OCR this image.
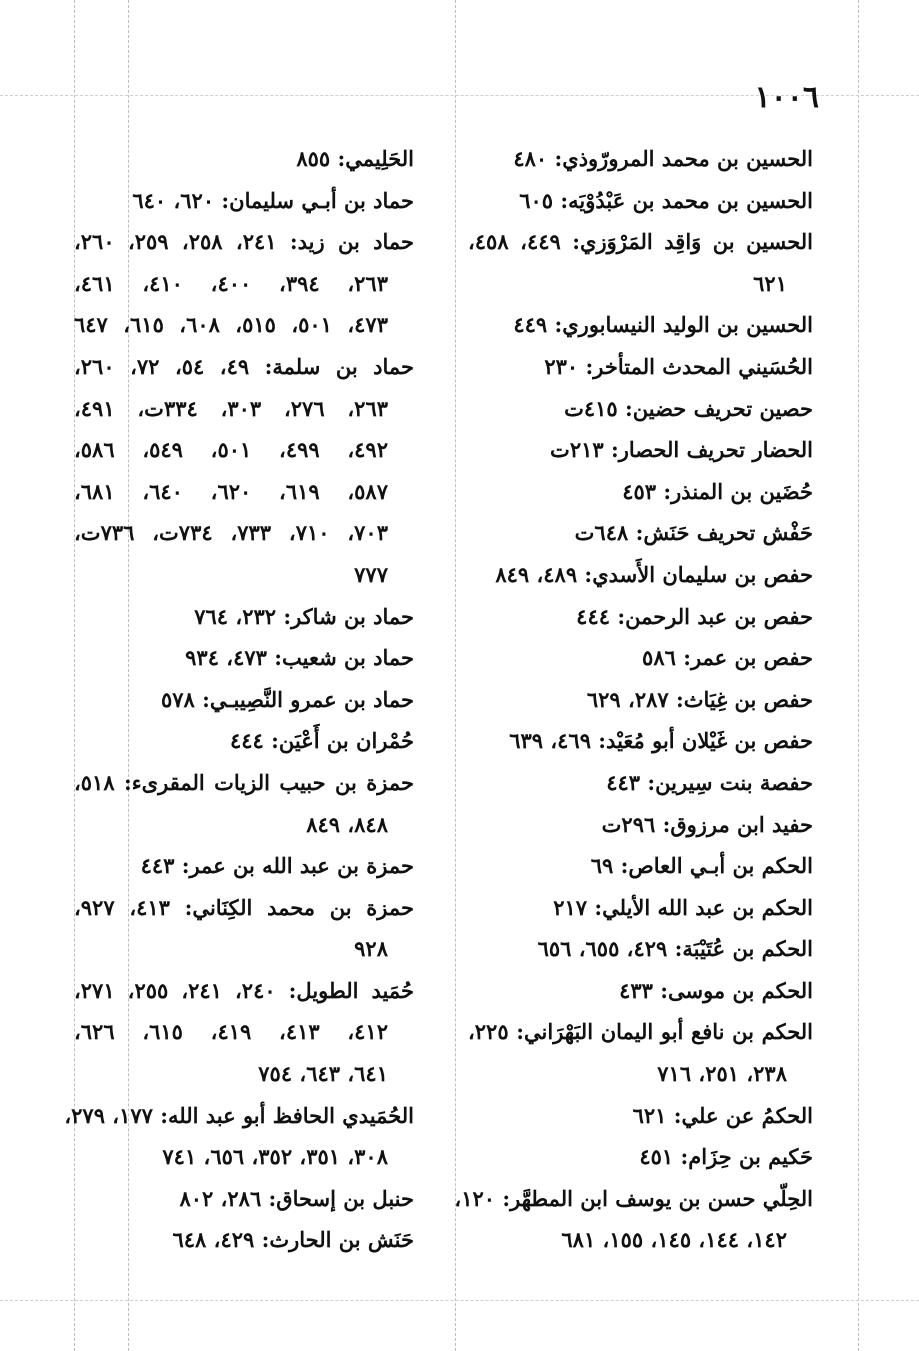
١٠٠٦
الحسين بن محمد المرورّوذي: ٤٨٠
الحسين بن محمد بن عَبْدُوْيَه: ٦٠٥
الحسين بن وَاقِد المَرْوَزي: ٤٤٩، ٤٥٨،
٦٢١
الحسين بن الوليد النيسابوري: ٤٤٩
الحُسَيني المحدث المتأخر: ٢٣٠
حصين تحريف حضين: ٤١٥ت
الحضار تحريف الحصار: ٢١٣ت
حُضَين بن المنذر: ٤٥٣
حَفْش تحريف حَنَش: ٦٤٨ت
حفص بن سليمان الأَسدي: ٤٨٩، ٨٤٩
حفص بن عبد الرحمن: ٤٤٤
حفص بن عمر: ٥٨٦
حفص بن غِيَاث: ٢٨٧، ٦٢٩
حفص بن غَيْلان أبو مُعَيْد: ٤٦٩، ٦٣٩
حفصة بنت سِيرين: ٤٤٣
حفيد ابن مرزوق: ٢٩٦ت
الحكم بن أبـي العاص: ٦٩
الحكم بن عبد الله الأيلي: ٢١٧
الحكم بن عُتَيْبَة: ٤٢٩، ٦٥٥، ٦٥٦
الحكم بن موسى: ٤٣٣
الحكم بن نافع أبو اليمان البَهْرَاني: ٢٢٥،
٢٣٨، ٢٥١، ٧١٦
الحكمُ عن علي: ٦٢١
حَكيم بن حِزَام: ٤٥١
الحِلّي حسن بن يوسف ابن المطهَّر: ١٢٠،
١٤٢، ١٤٤، ١٤٥، ١٥٥، ٦٨١
الحَلِيمي: ٨٥٥
حماد بن أبـي سليمان: ٦٢٠، ٦٤٠
حماد بن زيد: ٢٤١، ٢٥٨، ٢٥٩، ٢٦٠،
٢٦٣، ٣٩٤، ٤٠٠، ٤١٠، ٤٦١،
٤٧٣، ٥٠١، ٥١٥، ٦٠٨، ٦١٥، ٦٤٧
حماد بن سلمة: ٤٩، ٥٤، ٧٢، ٢٦٠،
٢٦٣، ٢٧٦، ٣٠٣، ٣٣٤ت، ٤٩١،
٤٩٢، ٤٩٩، ٥٠١، ٥٤٩، ٥٨٦،
٥٨٧، ٦١٩، ٦٢٠، ٦٤٠، ٦٨١،
٧٠٣، ٧١٠، ٧٣٣، ٧٣٤ت، ٧٣٦ت،
٧٧٧
حماد بن شاكر: ٢٣٢، ٧٦٤
حماد بن شعيب: ٤٧٣، ٩٣٤
حماد بن عمرو النَّصِيبـي: ٥٧٨
حُمْران بن أَعْيَن: ٤٤٤
حمزة بن حبيب الزيات المقرىء: ٥١٨،
٨٤٨، ٨٤٩
حمزة بن عبد الله بن عمر: ٤٤٣
حمزة بن محمد الكِنَاني: ٤١٣، ٩٢٧،
٩٢٨
حُمَيد الطويل: ٢٤٠، ٢٤١، ٢٥٥، ٢٧١،
٤١٢، ٤١٣، ٤١٩، ٦١٥، ٦٢٦،
٦٤١، ٦٤٣، ٧٥٤
الحُمَيدي الحافظ أبو عبد الله: ١٧٧، ٢٧٩،
٣٠٨، ٣٥١، ٣٥٢، ٦٥٦، ٧٤١
حنبل بن إسحاق: ٢٨٦، ٨٠٢
حَنَش بن الحارث: ٤٢٩، ٦٤٨
